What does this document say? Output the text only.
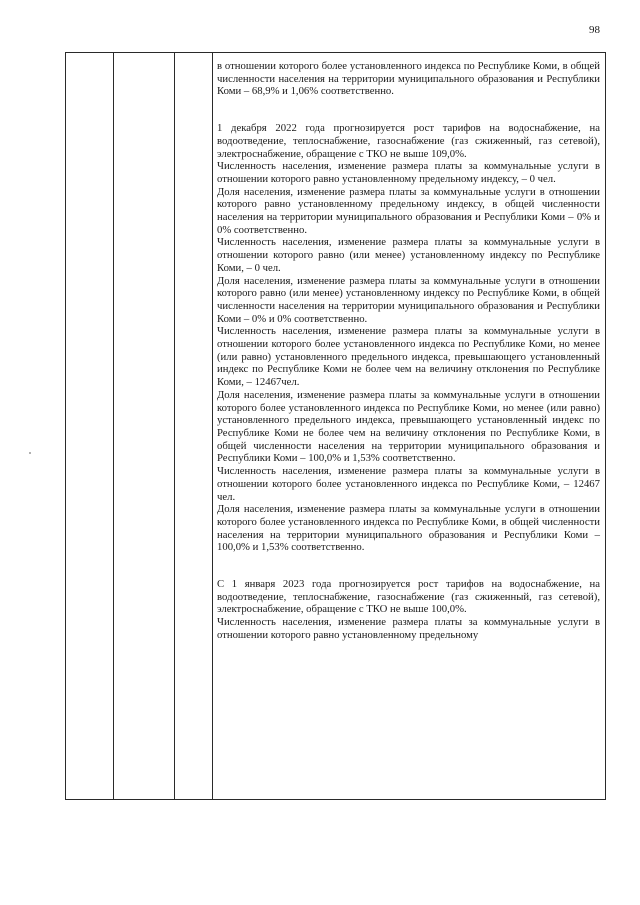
98

в отношении которого более установленного индекса по Республике Коми, в общей численности населения на территории муниципального образования и Республики Коми – 68,9% и 1,06% соответственно.

1 декабря 2022 года прогнозируется рост тарифов на водоснабжение, на водоотведение, теплоснабжение, газоснабжение (газ сжиженный, газ сетевой), электроснабжение, обращение с ТКО не выше 109,0%.

Численность населения, изменение размера платы за коммунальные услуги в отношении которого равно установленному предельному индексу, – 0 чел.

Доля населения, изменение размера платы за коммунальные услуги в отношении которого равно установленному предельному индексу, в общей численности населения на территории муниципального образования и Республики Коми – 0% и 0% соответственно.

Численность населения, изменение размера платы за коммунальные услуги в отношении которого равно (или менее) установленному индексу по Республике Коми, – 0 чел.

Доля населения, изменение размера платы за коммунальные услуги в отношении которого равно (или менее) установленному индексу по Республике Коми, в общей численности населения на территории муниципального образования и Республики Коми – 0% и 0% соответственно.

Численность населения, изменение размера платы за коммунальные услуги в отношении которого более установленного индекса по Республике Коми, но менее (или равно) установленного предельного индекса, превышающего установленный индекс по Республике Коми не более чем на величину отклонения по Республике Коми, – 12467чел.

Доля населения, изменение размера платы за коммунальные услуги в отношении которого более установленного индекса по Республике Коми, но менее (или равно) установленного предельного индекса, превышающего установленный индекс по Республике Коми не более чем на величину отклонения по Республике Коми, в общей численности населения на территории муниципального образования и Республики Коми – 100,0% и 1,53% соответственно.

Численность населения, изменение размера платы за коммунальные услуги в отношении которого более установленного индекса по Республике Коми, – 12467 чел.

Доля населения, изменение размера платы за коммунальные услуги в отношении которого более установленного индекса по Республике Коми, в общей численности населения на территории муниципального образования и Республики Коми – 100,0% и 1,53% соответственно.

С 1 января 2023 года прогнозируется рост тарифов на водоснабжение, на водоотведение, теплоснабжение, газоснабжение (газ сжиженный, газ сетевой), электроснабжение, обращение с ТКО не выше 100,0%.

Численность населения, изменение размера платы за коммунальные услуги в отношении которого равно установленному предельному
